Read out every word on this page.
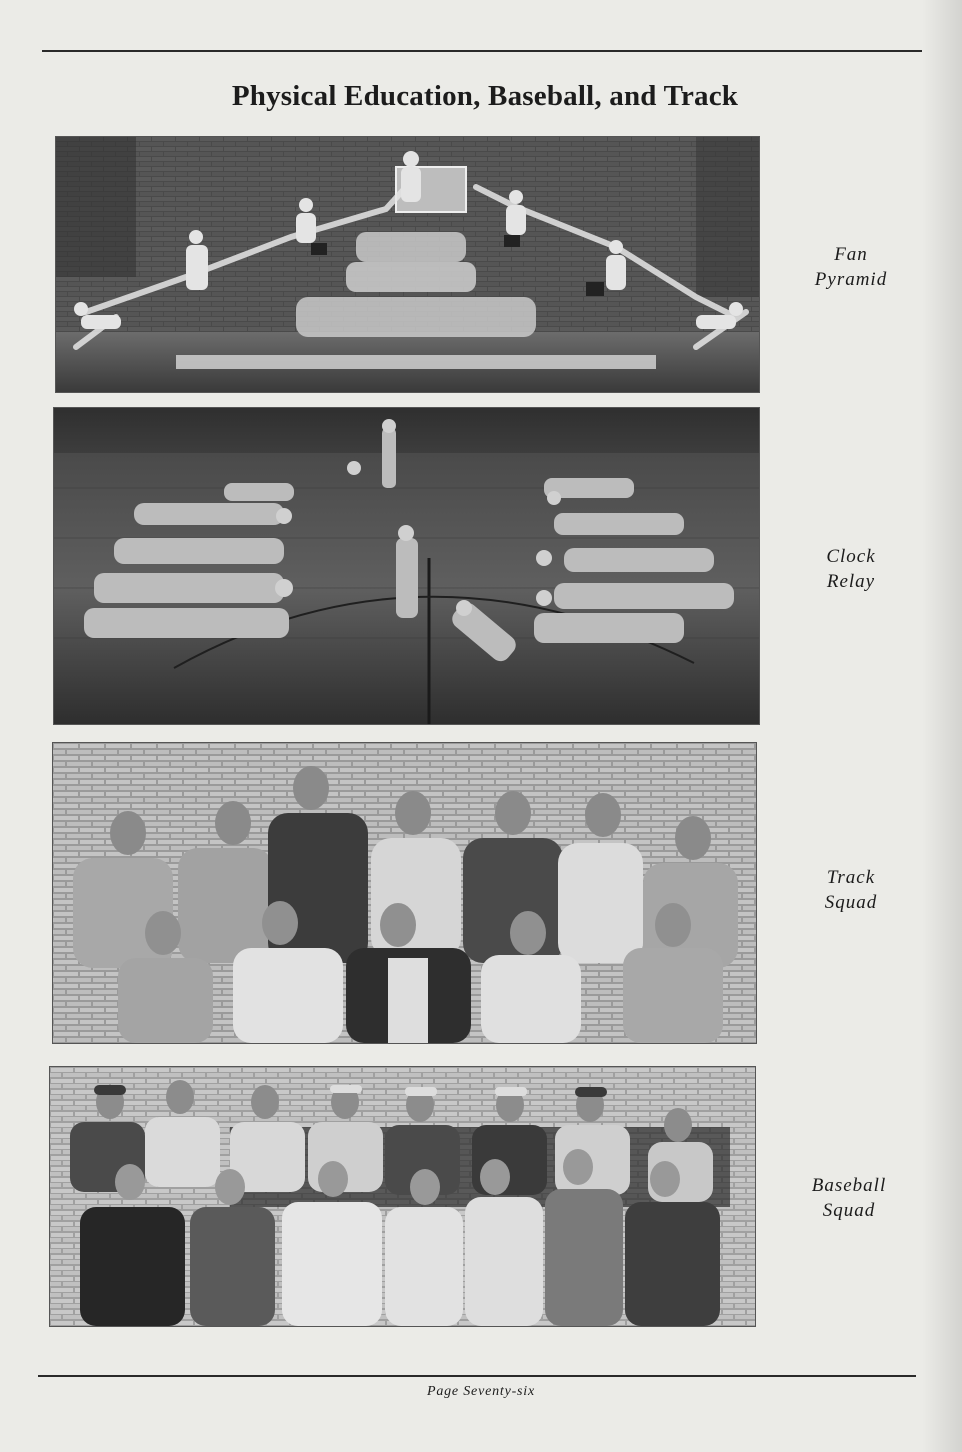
Physical Education, Baseball, and Track
Fan
Pyramid
Clock
Relay
Track
Squad
Baseball
Squad
Page Seventy-six
